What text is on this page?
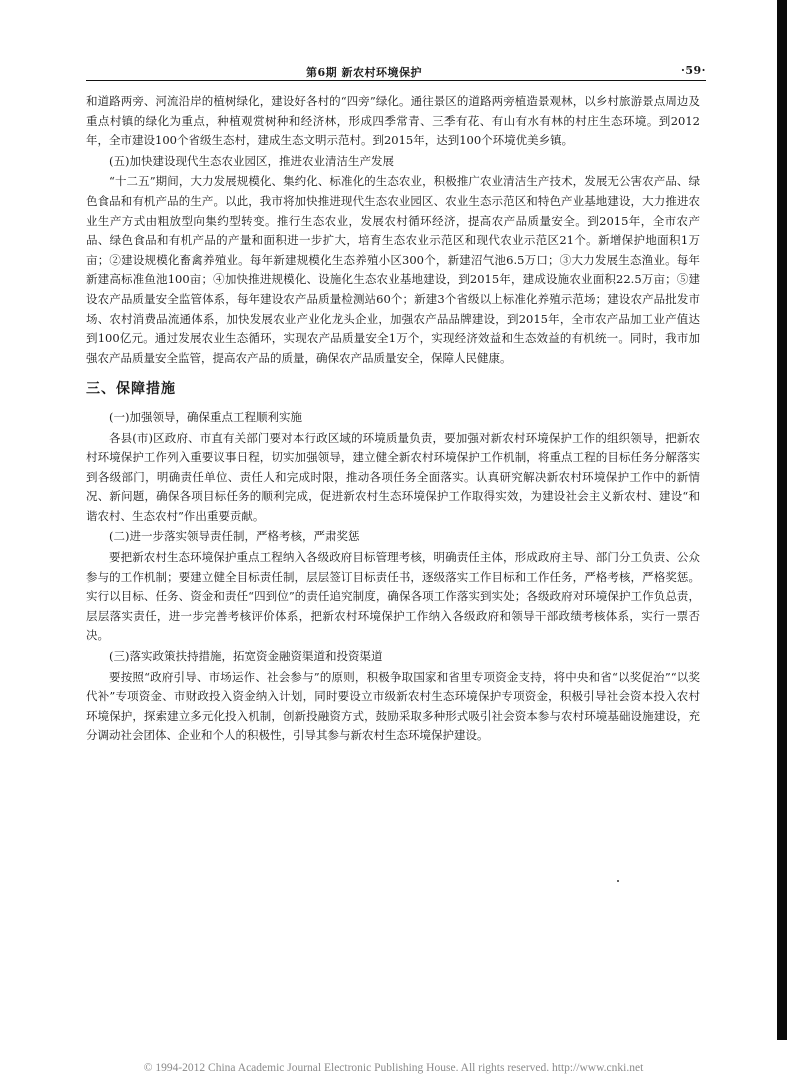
第6期 新农村环境保护	·59·

和道路两旁、河流沿岸的植树绿化，建设好各村的“四旁”绿化。通往景区的道路两旁植造景观林，以乡村旅游景点周边及重点村镇的绿化为重点，种植观赏树种和经济林，形成四季常青、三季有花、有山有水有林的村庄生态环境。到2012年，全市建设100个省级生态村，建成生态文明示范村。到2015年，达到100个环境优美乡镇。

(五)加快建设现代生态农业园区，推进农业清洁生产发展

“十二五”期间，大力发展规模化、集约化、标准化的生态农业，积极推广农业清洁生产技术，发展无公害农产品、绿色食品和有机产品的生产。以此，我市将加快推进现代生态农业园区、农业生态示范区和特色产业基地建设，大力推进农业生产方式由粗放型向集约型转变。推行生态农业，发展农村循环经济，提高农产品质量安全。到2015年，全市农产品、绿色食品和有机产品的产量和面积进一步扩大，培育生态农业示范区和现代农业示范区21个。新增保护地面积1万亩；②建设规模化畜禽养殖业。每年新建规模化生态养殖小区300个，新建沼气池6.5万口；③大力发展生态渔业。每年新建高标准鱼池100亩；④加快推进规模化、设施化生态农业基地建设，到2015年，建成设施农业面积22.5万亩；⑤建设农产品质量安全监管体系，每年建设农产品质量检测站60个；新建3个省级以上标准化养殖示范场；建设农产品批发市场、农村消费品流通体系，加快发展农业产业化龙头企业，加强农产品品牌建设，到2015年，全市农产品加工业产值达到100亿元。通过发展农业生态循环，实现农产品质量安全1万个，实现经济效益和生态效益的有机统一。同时，我市加强农产品质量安全监管，提高农产品的质量，确保农产品质量安全，保障人民健康。

三、保障措施

(一)加强领导，确保重点工程顺利实施

各县(市)区政府、市直有关部门要对本行政区域的环境质量负责，要加强对新农村环境保护工作的组织领导，把新农村环境保护工作列入重要议事日程，切实加强领导，建立健全新农村环境保护工作机制，将重点工程的目标任务分解落实到各级部门，明确责任单位、责任人和完成时限，推动各项任务全面落实。认真研究解决新农村环境保护工作中的新情况、新问题，确保各项目标任务的顺利完成，促进新农村生态环境保护工作取得实效，为建设社会主义新农村、建设“和谐农村、生态农村”作出重要贡献。

(二)进一步落实领导责任制，严格考核，严肃奖惩

要把新农村生态环境保护重点工程纳入各级政府目标管理考核，明确责任主体，形成政府主导、部门分工负责、公众参与的工作机制；要建立健全目标责任制，层层签订目标责任书，逐级落实工作目标和工作任务，严格考核，严格奖惩。实行以目标、任务、资金和责任“四到位”的责任追究制度，确保各项工作落实到实处；各级政府对环境保护工作负总责，层层落实责任，进一步完善考核评价体系，把新农村环境保护工作纳入各级政府和领导干部政绩考核体系，实行一票否决。

(三)落实政策扶持措施，拓宽资金融资渠道和投资渠道

要按照“政府引导、市场运作、社会参与”的原则，积极争取国家和省里专项资金支持，将中央和省“以奖促治”“以奖代补”专项资金、市财政投入资金纳入计划，同时要设立市级新农村生态环境保护专项资金，积极引导社会资本投入农村环境保护，探索建立多元化投入机制，创新投融资方式，鼓励采取多种形式吸引社会资本参与农村环境基础设施建设，充分调动社会团体、企业和个人的积极性，引导其参与新农村生态环境保护建设。

© 1994-2012 China Academic Journal Electronic Publishing House. All rights reserved. http://www.cnki.net
